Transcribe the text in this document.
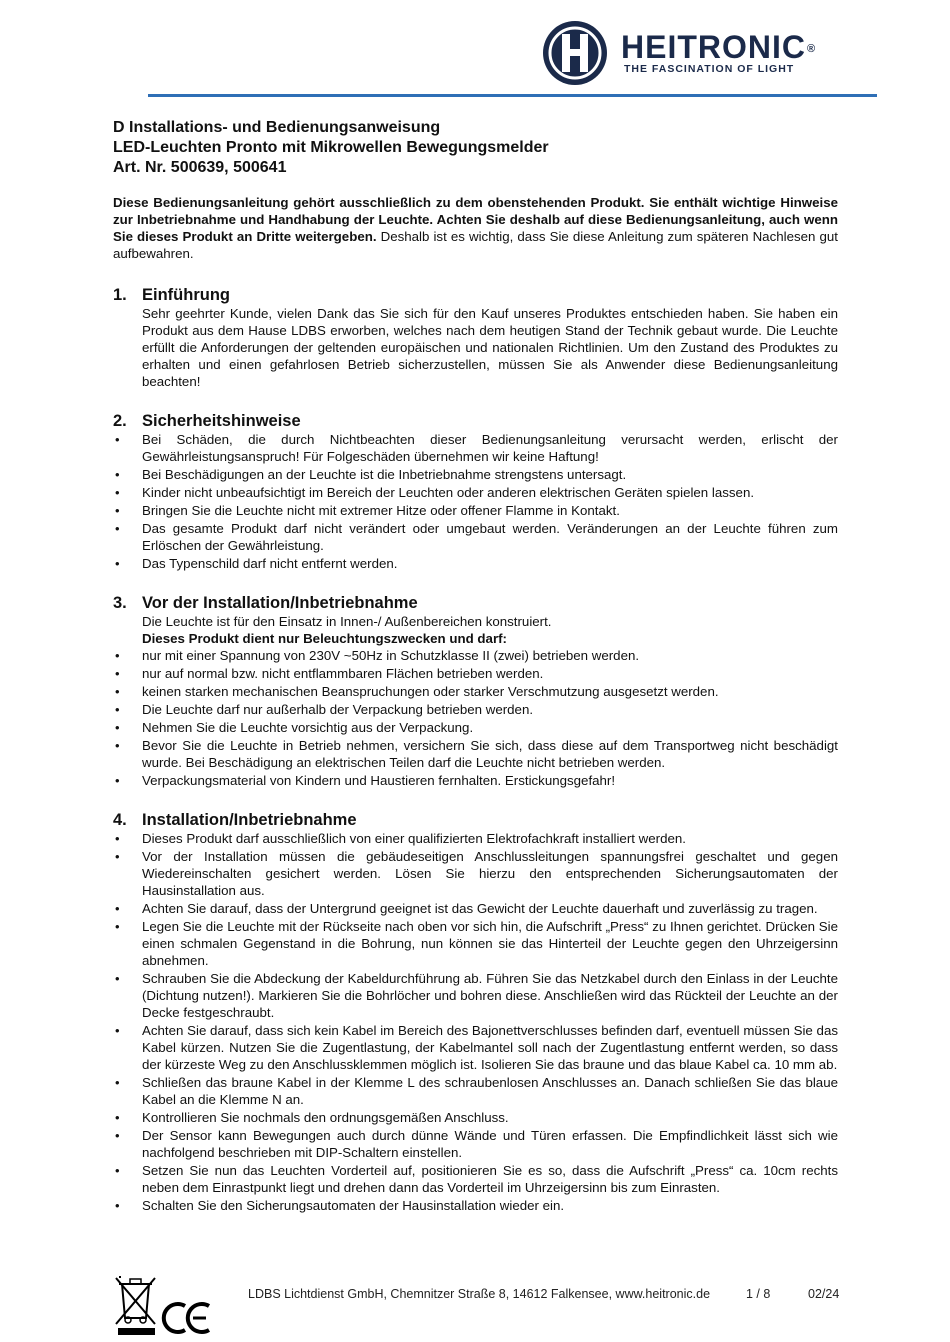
HEITRONIC®
THE FASCINATION OF LIGHT

D Installations- und Bedienungsanweisung

LED-Leuchten Pronto mit Mikrowellen Bewegungsmelder

Art. Nr. 500639, 500641

Diese Bedienungsanleitung gehört ausschließlich zu dem obenstehenden Produkt. Sie enthält wichtige Hinweise zur Inbetriebnahme und Handhabung der Leuchte. Achten Sie deshalb auf diese Bedienungsanleitung, auch wenn Sie dieses Produkt an Dritte weitergeben. Deshalb ist es wichtig, dass Sie diese Anleitung zum späteren Nachlesen gut aufbewahren.
1. Einführung

Sehr geehrter Kunde, vielen Dank das Sie sich für den Kauf unseres Produktes entschieden haben. Sie haben ein Produkt aus dem Hause LDBS erworben, welches nach dem heutigen Stand der Technik gebaut wurde. Die Leuchte erfüllt die Anforderungen der geltenden europäischen und nationalen Richtlinien. Um den Zustand des Produktes zu erhalten und einen gefahrlosen Betrieb sicherzustellen, müssen Sie als Anwender diese Bedienungsanleitung beachten!

2. Sicherheitshinweise
• Bei Schäden, die durch Nichtbeachten dieser Bedienungsanleitung verursacht werden, erlischt der Gewährleistungsanspruch! Für Folgeschäden übernehmen wir keine Haftung!
• Bei Beschädigungen an der Leuchte ist die Inbetriebnahme strengstens untersagt.
• Kinder nicht unbeaufsichtigt im Bereich der Leuchten oder anderen elektrischen Geräten spielen lassen.
• Bringen Sie die Leuchte nicht mit extremer Hitze oder offener Flamme in Kontakt.
• Das gesamte Produkt darf nicht verändert oder umgebaut werden. Veränderungen an der Leuchte führen zum Erlöschen der Gewährleistung.
• Das Typenschild darf nicht entfernt werden.
3. Vor der Installation/Inbetriebnahme

Die Leuchte ist für den Einsatz in Innen-/ Außenbereichen konstruiert.

Dieses Produkt dient nur Beleuchtungszwecken und darf:

• nur mit einer Spannung von 230V ~50Hz in Schutzklasse II (zwei) betrieben werden.
• nur auf normal bzw. nicht entflammbaren Flächen betrieben werden.
• keinen starken mechanischen Beanspruchungen oder starker Verschmutzung ausgesetzt werden.
• Die Leuchte darf nur außerhalb der Verpackung betrieben werden.
• Nehmen Sie die Leuchte vorsichtig aus der Verpackung.
• Bevor Sie die Leuchte in Betrieb nehmen, versichern Sie sich, dass diese auf dem Transportweg nicht beschädigt wurde. Bei Beschädigung an elektrischen Teilen darf die Leuchte nicht betrieben werden.
• Verpackungsmaterial von Kindern und Haustieren fernhalten. Erstickungsgefahr!
4. Installation/Inbetriebnahme
• Dieses Produkt darf ausschließlich von einer qualifizierten Elektrofachkraft installiert werden.
• Vor der Installation müssen die gebäudeseitigen Anschlussleitungen spannungsfrei geschaltet und gegen Wiedereinschalten gesichert werden. Lösen Sie hierzu den entsprechenden Sicherungsautomaten der Hausinstallation aus.
• Achten Sie darauf, dass der Untergrund geeignet ist das Gewicht der Leuchte dauerhaft und zuverlässig zu tragen.
• Legen Sie die Leuchte mit der Rückseite nach oben vor sich hin, die Aufschrift „Press“ zu Ihnen gerichtet. Drücken Sie einen schmalen Gegenstand in die Bohrung, nun können sie das Hinterteil der Leuchte gegen den Uhrzeigersinn abnehmen.
• Schrauben Sie die Abdeckung der Kabeldurchführung ab. Führen Sie das Netzkabel durch den Einlass in der Leuchte (Dichtung nutzen!). Markieren Sie die Bohrlöcher und bohren diese. Anschließen wird das Rückteil der Leuchte an der Decke festgeschraubt.
• Achten Sie darauf, dass sich kein Kabel im Bereich des Bajonettverschlusses befinden darf, eventuell müssen Sie das Kabel kürzen. Nutzen Sie die Zugentlastung, der Kabelmantel soll nach der Zugentlastung entfernt werden, so dass der kürzeste Weg zu den Anschlussklemmen möglich ist. Isolieren Sie das braune und das blaue Kabel ca. 10 mm ab.
• Schließen das braune Kabel in der Klemme L des schraubenlosen Anschlusses an. Danach schließen Sie das blaue Kabel an die Klemme N an.
• Kontrollieren Sie nochmals den ordnungsgemäßen Anschluss.
• Der Sensor kann Bewegungen auch durch dünne Wände und Türen erfassen. Die Empfindlichkeit lässt sich wie nachfolgend beschrieben mit DIP-Schaltern einstellen.
• Setzen Sie nun das Leuchten Vorderteil auf, positionieren Sie es so, dass die Aufschrift „Press“ ca. 10cm rechts neben dem Einrastpunkt liegt und drehen dann das Vorderteil im Uhrzeigersinn bis zum Einrasten.
• Schalten Sie den Sicherungsautomaten der Hausinstallation wieder ein.
LDBS Lichtdienst GmbH, Chemnitzer Straße 8, 14612 Falkensee, www.heitronic.de	1 / 8	02/24
